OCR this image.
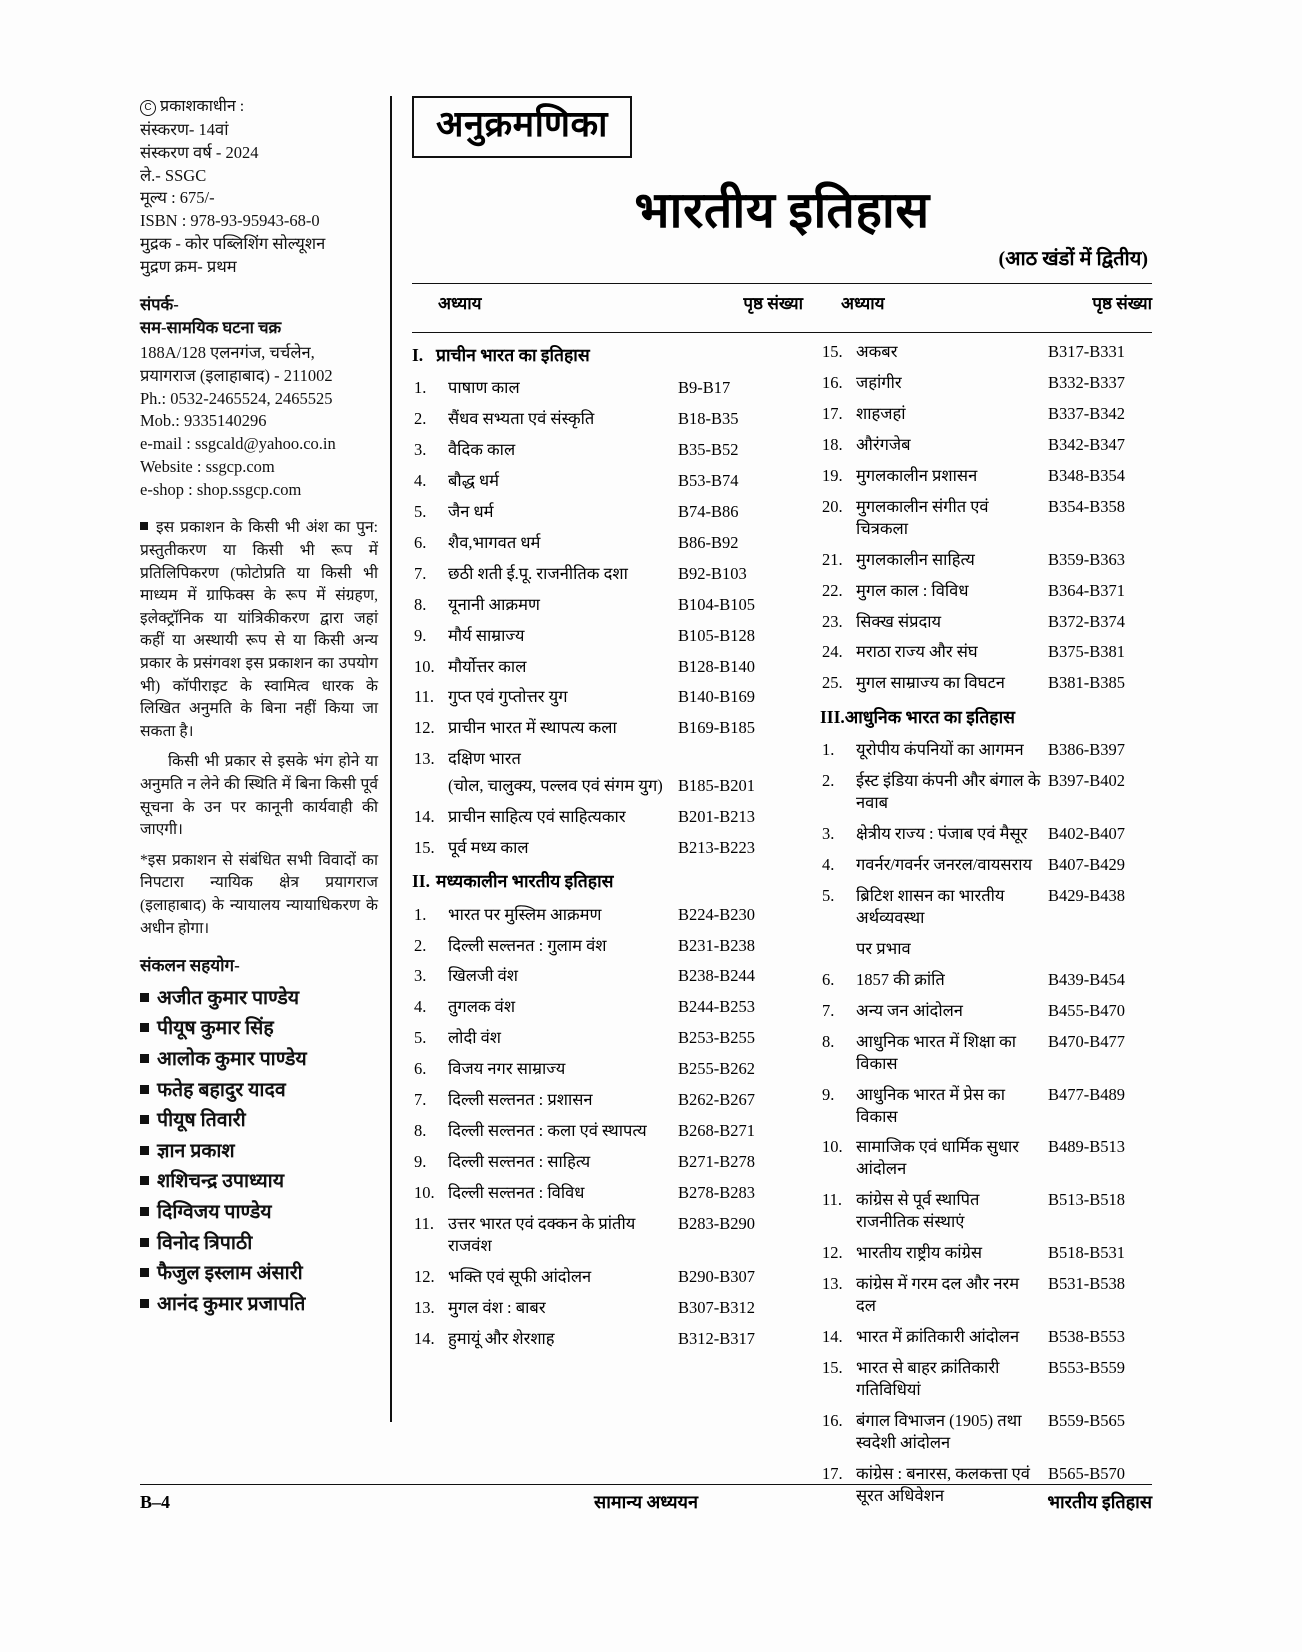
C प्रकाशकाधीन :
संस्करण- 14वां
संस्करण वर्ष - 2024
ले.- SSGC
मूल्य : 675/-
ISBN : 978-93-95943-68-0
मुद्रक - कोर पब्लिशिंग सोल्यूशन
मुद्रण क्रम- प्रथम
संपर्क-
सम-सामयिक घटना चक्र
188A/128 एलनगंज, चर्चलेन,
प्रयागराज (इलाहाबाद) - 211002
Ph.: 0532-2465524, 2465525
Mob.: 9335140296
e-mail : ssgcald@yahoo.co.in
Website : ssgcp.com
e-shop : shop.ssgcp.com

इस प्रकाशन के किसी भी अंश का पुन: प्रस्तुतीकरण या किसी भी रूप में प्रतिलिपिकरण (फोटोप्रति या किसी भी माध्यम में ग्राफिक्स के रूप में संग्रहण, इलेक्ट्रॉनिक या यांत्रिकीकरण द्वारा जहां कहीं या अस्थायी रूप से या किसी अन्य प्रकार के प्रसंगवश इस प्रकाशन का उपयोग भी) कॉपीराइट के स्वामित्व धारक के लिखित अनुमति के बिना नहीं किया जा सकता है।

किसी भी प्रकार से इसके भंग होने या अनुमति न लेने की स्थिति में बिना किसी पूर्व सूचना के उन पर कानूनी कार्यवाही की जाएगी।

*इस प्रकाशन से संबंधित सभी विवादों का निपटारा न्यायिक क्षेत्र प्रयागराज (इलाहाबाद) के न्यायालय न्यायाधिकरण के अधीन होगा।

संकलन सहयोग-
अजीत कुमार पाण्डेय
पीयूष कुमार सिंह
आलोक कुमार पाण्डेय
फतेह बहादुर यादव
पीयूष तिवारी
ज्ञान प्रकाश
शशिचन्द्र उपाध्याय
दिग्विजय पाण्डेय
विनोद त्रिपाठी
फैजुल इस्लाम अंसारी
आनंद कुमार प्रजापति
अनुक्रमणिका
भारतीय इतिहास
(आठ खंडों में द्वितीय)
अध्याय	पृष्ठ संख्या	अध्याय	पृष्ठ संख्या
I. प्राचीन भारत का इतिहास
1.	पाषाण काल	B9-B17
2.	सैंधव सभ्यता एवं संस्कृति	B18-B35
3.	वैदिक काल	B35-B52
4.	बौद्ध धर्म	B53-B74
5.	जैन धर्म	B74-B86
6.	शैव,भागवत धर्म	B86-B92
7.	छठी शती ई.पू. राजनीतिक दशा	B92-B103
8.	यूनानी आक्रमण	B104-B105
9.	मौर्य साम्राज्य	B105-B128
10. मौर्योत्तर काल	B128-B140
11. गुप्त एवं गुप्तोत्तर युग	B140-B169
12. प्राचीन भारत में स्थापत्य कला	B169-B185
13. दक्षिण भारत
(चोल, चालुक्य, पल्लव एवं संगम युग) B185-B201
14. प्राचीन साहित्य एवं साहित्यकार	B201-B213
15. पूर्व मध्य काल	B213-B223
II. मध्यकालीन भारतीय इतिहास
1.	भारत पर मुस्लिम आक्रमण	B224-B230
2.	दिल्ली सल्तनत : गुलाम वंश	B231-B238
3.	खिलजी वंश	B238-B244
4.	तुगलक वंश	B244-B253
5.	लोदी वंश	B253-B255
6.	विजय नगर साम्राज्य	B255-B262
7.	दिल्ली सल्तनत : प्रशासन	B262-B267
8.	दिल्ली सल्तनत : कला एवं स्थापत्य	B268-B271
9.	दिल्ली सल्तनत : साहित्य	B271-B278
10. दिल्ली सल्तनत : विविध	B278-B283
11. उत्तर भारत एवं दक्कन के प्रांतीय राजवंश
B283-B290
12. भक्ति एवं सूफी आंदोलन	B290-B307
13. मुगल वंश : बाबर	B307-B312
14. हुमायूं और शेरशाह	B312-B317
15. अकबर	B317-B331
16. जहांगीर	B332-B337
17. शाहजहां	B337-B342
18. औरंगजेब	B342-B347
19. मुगलकालीन प्रशासन	B348-B354
20. मुगलकालीन संगीत एवं चित्रकला
B354-B358
21. मुगलकालीन साहित्य	B359-B363
22. मुगल काल : विविध	B364-B371
23. सिक्ख संप्रदाय	B372-B374
24. मराठा राज्य और संघ	B375-B381
25. मुगल साम्राज्य का विघटन	B381-B385
III.आधुनिक भारत का इतिहास
1.	यूरोपीय कंपनियों का आगमन	B386-B397
2.	ईस्ट इंडिया कंपनी और बंगाल के नवाब
B397-B402
3.	क्षेत्रीय राज्य : पंजाब एवं मैसूर	B402-B407
4.	गवर्नर/गवर्नर जनरल/वायसराय B407-B429
5.	ब्रिटिश शासन का भारतीय अर्थव्यवस्था
B429-B438
पर प्रभाव
6.	1857 की क्रांति	B439-B454
7.	अन्य जन आंदोलन	B455-B470
8.	आधुनिक भारत में शिक्षा का विकास
B470-B477
9.	आधुनिक भारत में प्रेस का विकास
B477-B489
10. सामाजिक एवं धार्मिक सुधार आंदोलन
B489-B513
11. कांग्रेस से पूर्व स्थापित राजनीतिक संस्थाएं
B513-B518
12. भारतीय राष्ट्रीय कांग्रेस	B518-B531
13. कांग्रेस में गरम दल और नरम दल
B531-B538
14. भारत में क्रांतिकारी आंदोलन	B538-B553
15. भारत से बाहर क्रांतिकारी गतिविधियां
B553-B559
16. बंगाल विभाजन (1905) तथा स्वदेशी आंदोलन
B559-B565
17. कांग्रेस : बनारस, कलकत्ता एवं सूरत अधिवेशन
B565-B570
B–4	सामान्य अध्ययन	भारतीय इतिहास
